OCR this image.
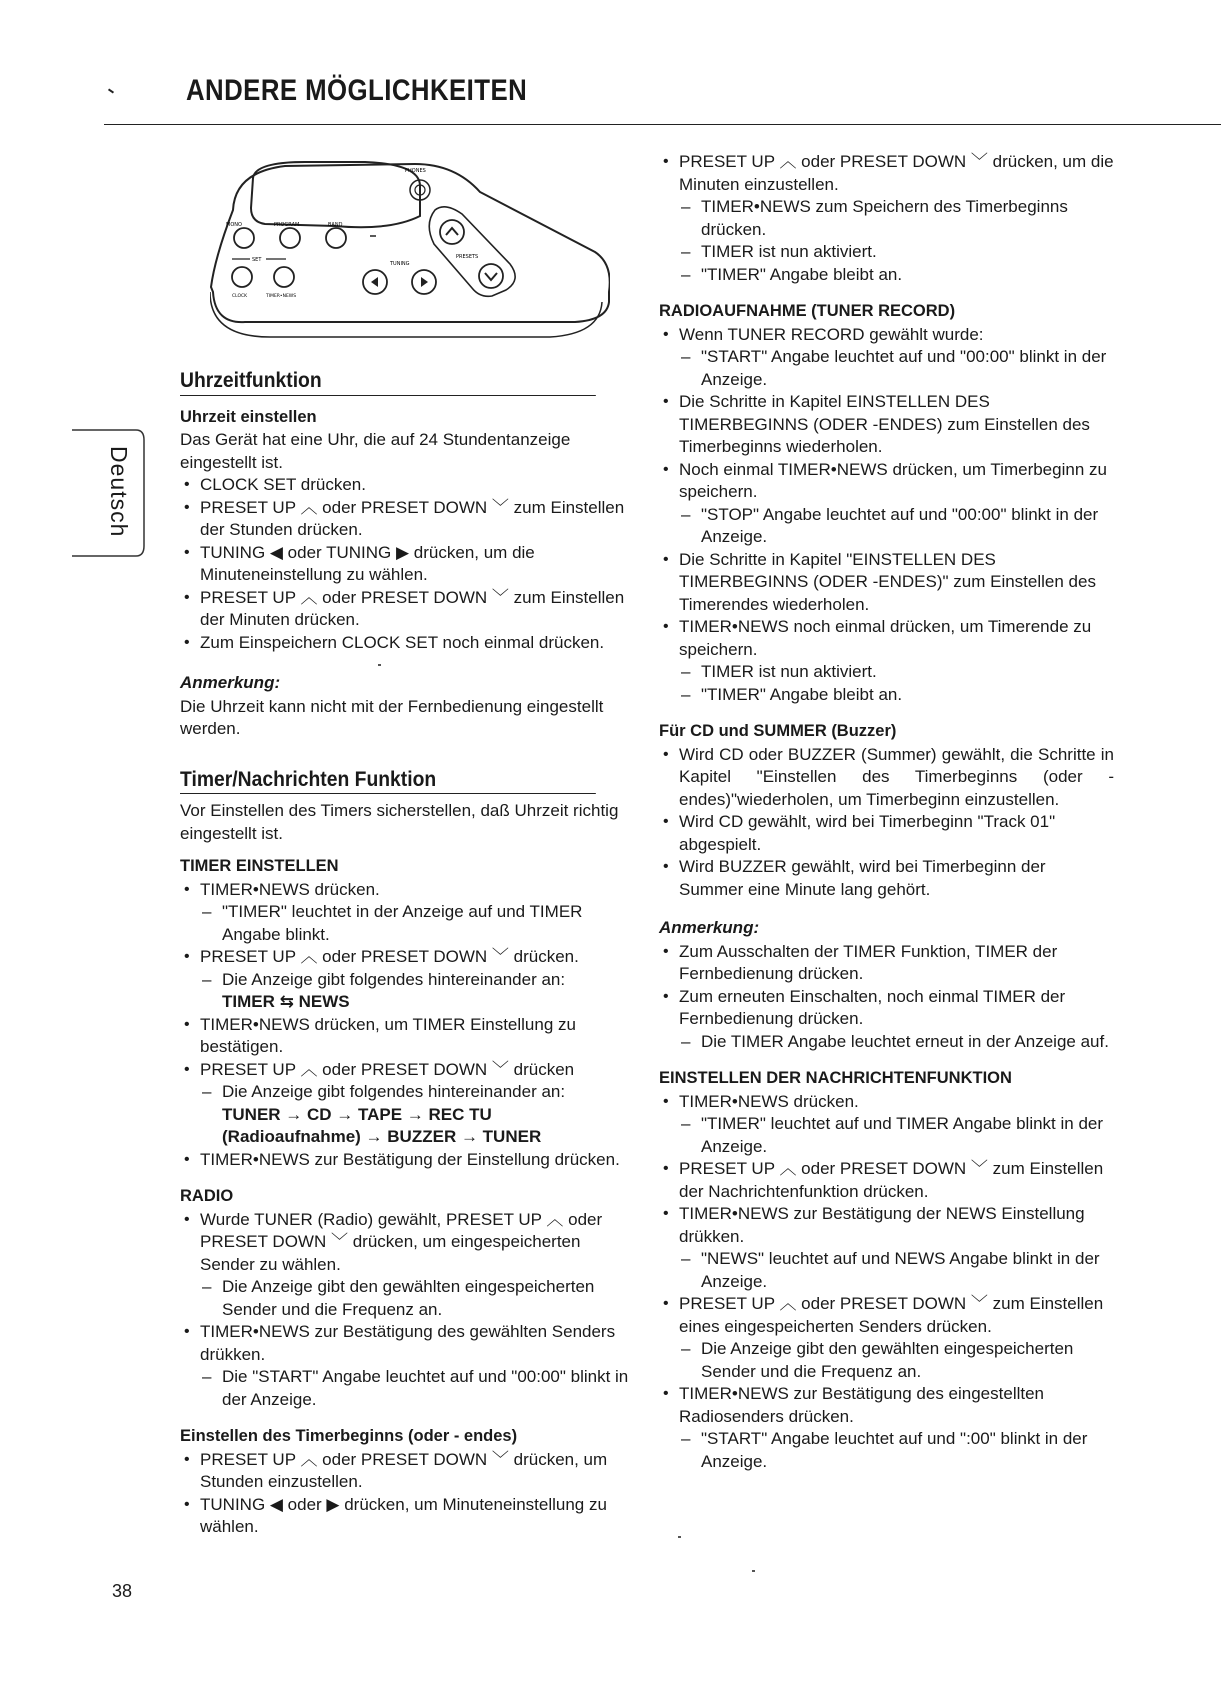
ANDERE MÖGLICHKEITEN
PHONES
MONO	PROGRAM	BAND
SET
CLOCK	TIMER•NEWS
TUNING
PRESETS
Deutsch
Uhrzeitfunktion

Uhrzeit einstellen

Das Gerät hat eine Uhr, die auf 24 Stundentanzeige eingestellt ist.

• CLOCK SET drücken.

• PRESET UP ︿ oder PRESET DOWN ﹀ zum Einstellen der Stunden drücken.

• TUNING ◀ oder TUNING ▶ drücken, um die Minuteneinstellung zu wählen.

• PRESET UP ︿ oder PRESET DOWN ﹀ zum Einstellen der Minuten drücken.

• Zum Einspeichern CLOCK SET noch einmal drücken.

Anmerkung:

Die Uhrzeit kann nicht mit der Fernbedienung eingestellt werden.

Timer/Nachrichten Funktion

Vor Einstellen des Timers sicherstellen, daß Uhrzeit richtig eingestellt ist.

TIMER EINSTELLEN

• TIMER•NEWS drücken.

– "TIMER" leuchtet in der Anzeige auf und TIMER Angabe blinkt.

• PRESET UP ︿ oder PRESET DOWN ﹀ drücken.

– Die Anzeige gibt folgendes hintereinander an:

TIMER ⇆ NEWS

• TIMER•NEWS drücken, um TIMER Einstellung zu bestätigen.

• PRESET UP ︿ oder PRESET DOWN ﹀ drücken

– Die Anzeige gibt folgendes hintereinander an:

TUNER → CD → TAPE → REC TU (Radioaufnahme) → BUZZER → TUNER

• TIMER•NEWS zur Bestätigung der Einstellung drücken.

RADIO

• Wurde TUNER (Radio) gewählt, PRESET UP ︿ oder PRESET DOWN ﹀ drücken, um eingespeicherten Sender zu wählen.

– Die Anzeige gibt den gewählten eingespeicherten Sender und die Frequenz an.

• TIMER•NEWS zur Bestätigung des gewählten Senders drükken.

– Die "START" Angabe leuchtet auf und "00:00" blinkt in der Anzeige.

Einstellen des Timerbeginns (oder - endes)

• PRESET UP ︿ oder PRESET DOWN ﹀ drücken, um Stunden einzustellen.

• TUNING ◀ oder ▶ drücken, um Minuteneinstellung zu wählen.

• PRESET UP ︿ oder PRESET DOWN ﹀ drücken, um die Minuten einzustellen.

– TIMER•NEWS zum Speichern des Timerbeginns drücken.

– TIMER ist nun aktiviert.

– "TIMER" Angabe bleibt an.

RADIOAUFNAHME (TUNER RECORD)

• Wenn TUNER RECORD gewählt wurde:

– "START" Angabe leuchtet auf und "00:00" blinkt in der Anzeige.

• Die Schritte in Kapitel EINSTELLEN DES TIMERBEGINNS (ODER -ENDES) zum Einstellen des Timerbeginns wiederholen.

• Noch einmal TIMER•NEWS drücken, um Timerbeginn zu speichern.

– "STOP" Angabe leuchtet auf und "00:00" blinkt in der Anzeige.

• Die Schritte in Kapitel "EINSTELLEN DES TIMERBEGINNS (ODER -ENDES)" zum Einstellen des Timerendes wiederholen.

• TIMER•NEWS noch einmal drücken, um Timerende zu speichern.

– TIMER ist nun aktiviert.

– "TIMER" Angabe bleibt an.

Für CD und SUMMER (Buzzer)

• Wird CD oder BUZZER (Summer) gewählt, die Schritte in Kapitel "Einstellen des Timerbeginns (oder - endes)"wiederholen, um Timerbeginn einzustellen.

• Wird CD gewählt, wird bei Timerbeginn "Track 01" abgespielt.

• Wird BUZZER gewählt, wird bei Timerbeginn der Summer eine Minute lang gehört.

Anmerkung:

• Zum Ausschalten der TIMER Funktion, TIMER der Fernbedienung drücken.

• Zum erneuten Einschalten, noch einmal TIMER der Fernbedienung drücken.

– Die TIMER Angabe leuchtet erneut in der Anzeige auf.

EINSTELLEN DER NACHRICHTENFUNKTION

• TIMER•NEWS drücken.

– "TIMER" leuchtet auf und TIMER Angabe blinkt in der Anzeige.

• PRESET UP ︿ oder PRESET DOWN ﹀ zum Einstellen der Nachrichtenfunktion drücken.

• TIMER•NEWS zur Bestätigung der NEWS Einstellung drükken.

– "NEWS" leuchtet auf und NEWS Angabe blinkt in der Anzeige.

• PRESET UP ︿ oder PRESET DOWN ﹀ zum Einstellen eines eingespeicherten Senders drücken.

– Die Anzeige gibt den gewählten eingespeicherten Sender und die Frequenz an.

• TIMER•NEWS zur Bestätigung des eingestellten Radiosenders drücken.

– "START" Angabe leuchtet auf und ":00" blinkt in der Anzeige.

38
